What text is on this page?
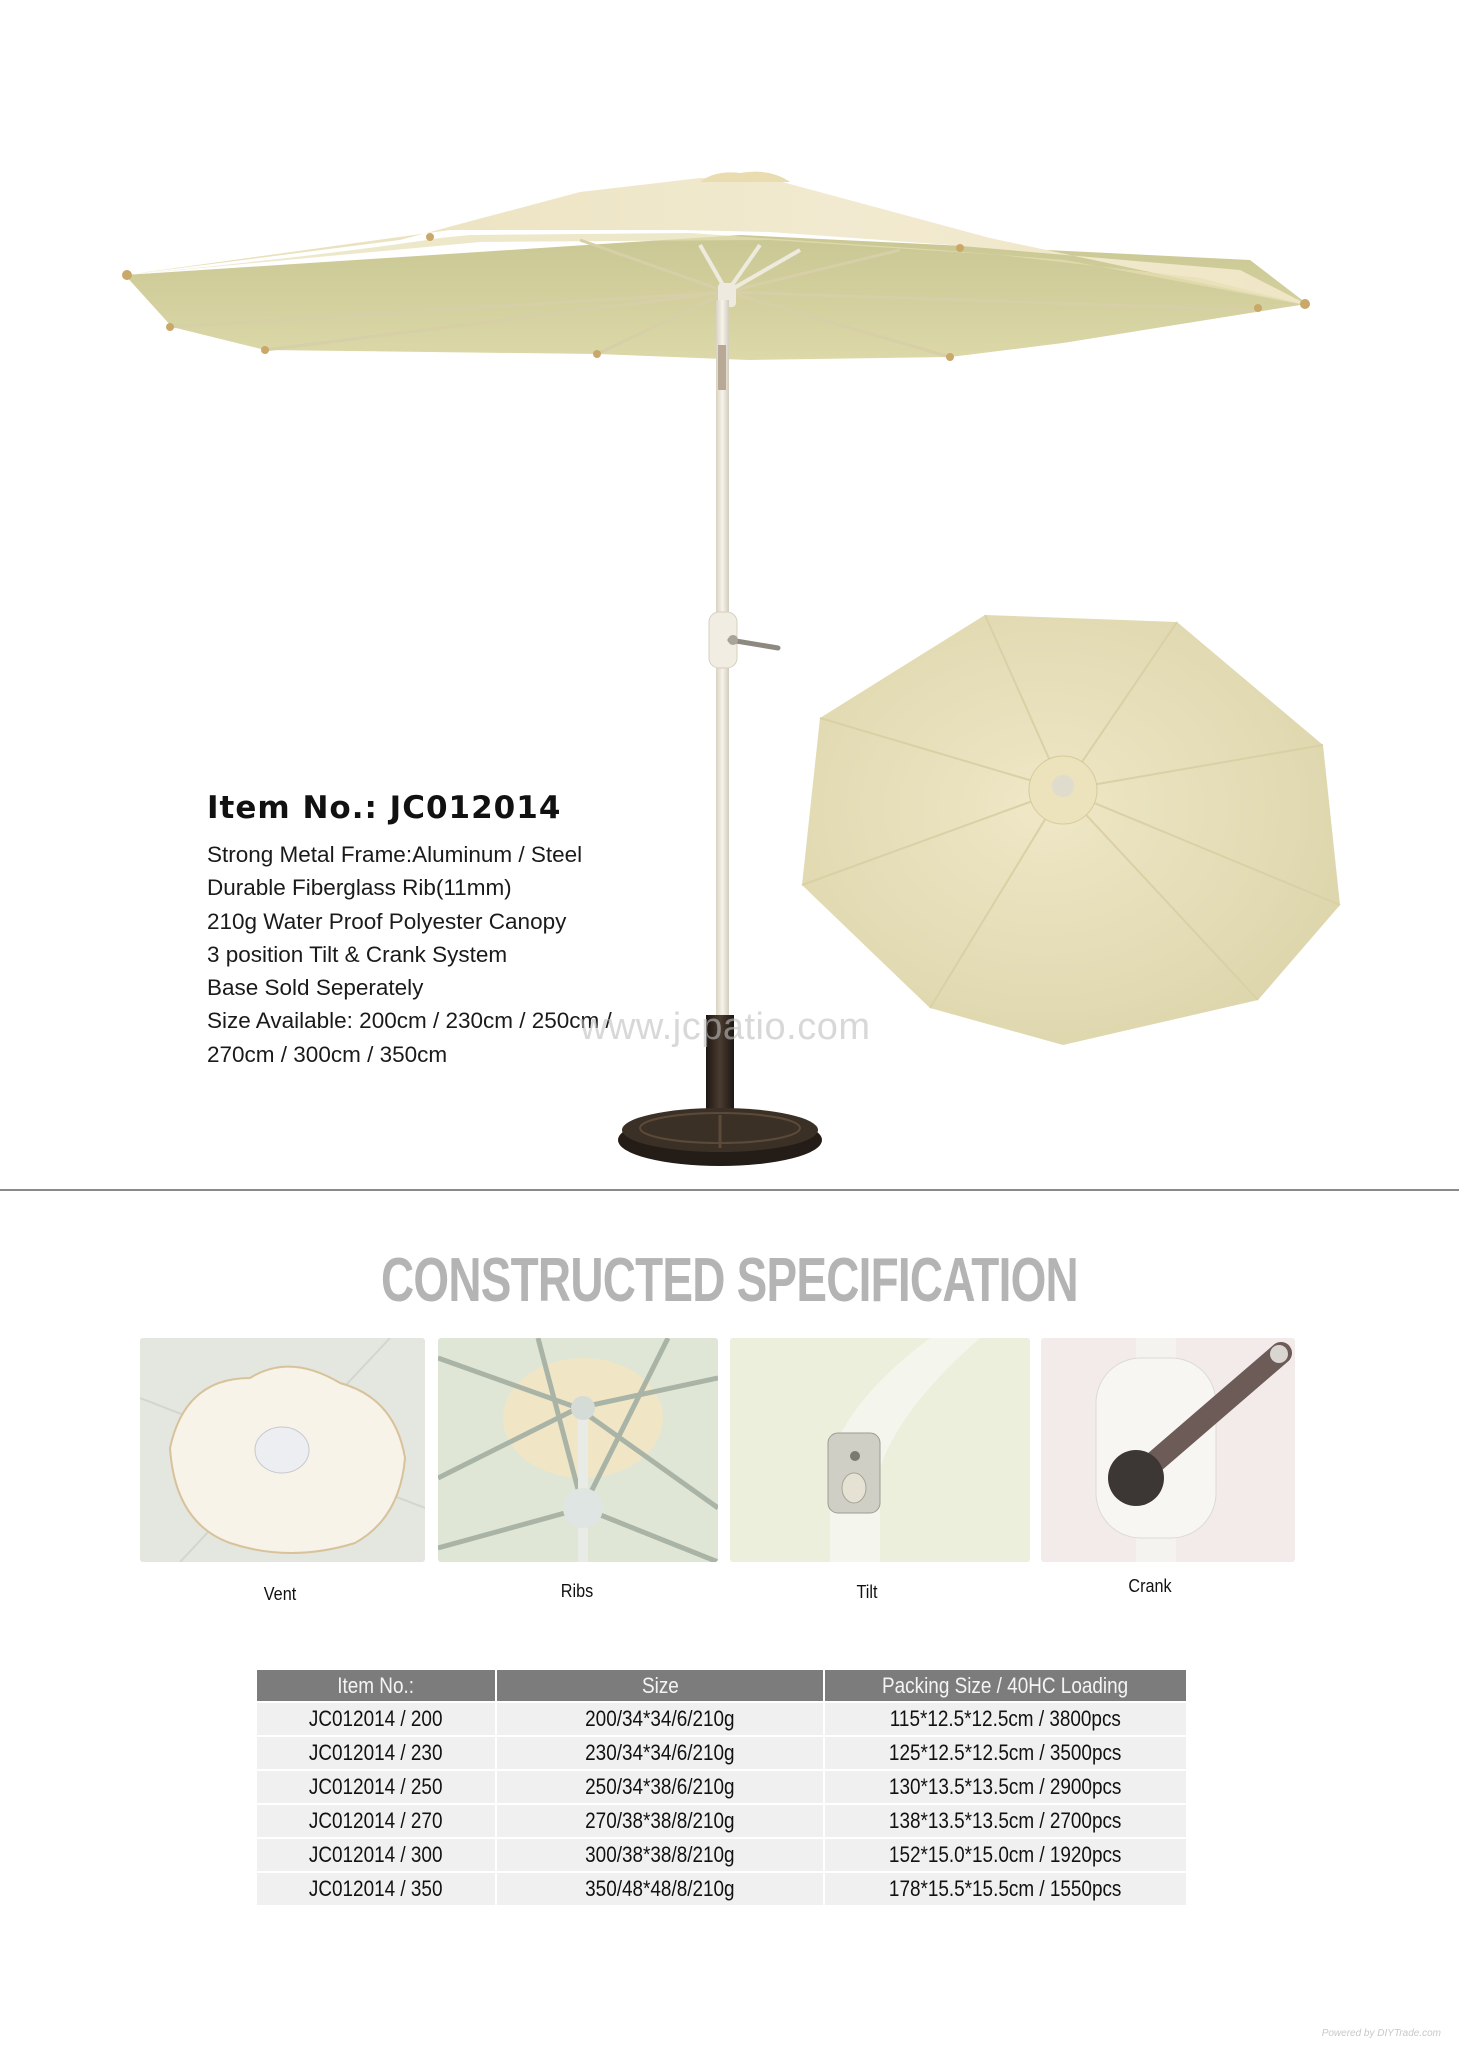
Item No.: JC012014
Strong Metal Frame:Aluminum / Steel
Durable Fiberglass Rib(11mm)
210g Water Proof Polyester Canopy
3 position Tilt & Crank System
Base Sold Seperately
Size Available: 200cm / 230cm / 250cm /
270cm / 300cm / 350cm
www.jcpatio.com
CONSTRUCTED SPECIFICATION
Vent	Ribs	Tilt	Crank
Item No.:	Size	Packing Size / 40HC Loading
JC012014 / 200	200/34*34/6/210g	115*12.5*12.5cm / 3800pcs
JC012014 / 230	230/34*34/6/210g	125*12.5*12.5cm / 3500pcs
JC012014 / 250	250/34*38/6/210g	130*13.5*13.5cm / 2900pcs
JC012014 / 270	270/38*38/8/210g	138*13.5*13.5cm / 2700pcs
JC012014 / 300	300/38*38/8/210g	152*15.0*15.0cm / 1920pcs
JC012014 / 350	350/48*48/8/210g	178*15.5*15.5cm / 1550pcs
Powered by DIYTrade.com
